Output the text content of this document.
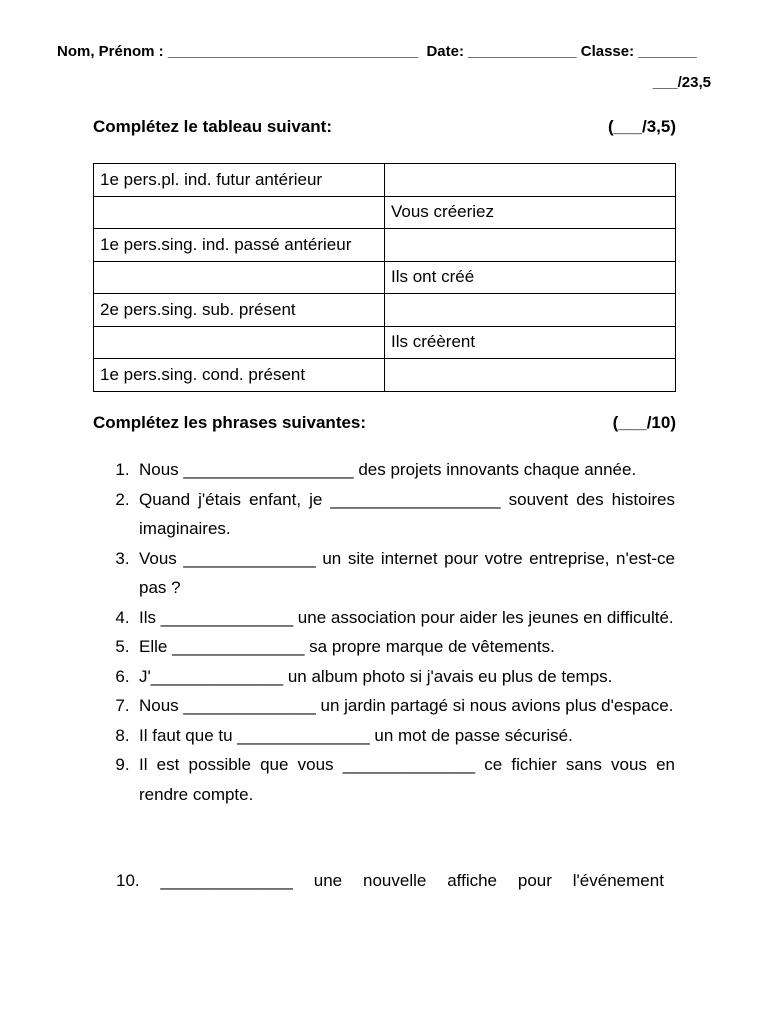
Nom, Prénom : ______________________________  Date: _____________ Classe: _______
___/23,5
Complétez le tableau suivant:	(___/3,5)
1e pers.pl. ind. futur antérieur	
	Vous créeriez
1e pers.sing. ind. passé antérieur	
	Ils ont créé
2e pers.sing. sub. présent	
	Ils créèrent
1e pers.sing. cond. présent	
Complétez les phrases suivantes:	(___/10)
1. Nous __________________ des projets innovants chaque année.
2. Quand j'étais enfant, je __________________ souvent des histoires imaginaires.
3. Vous ______________ un site internet pour votre entreprise, n'est-ce pas ?
4. Ils ______________ une association pour aider les jeunes en difficulté.
5. Elle ______________ sa propre marque de vêtements.
6. J'______________ un album photo si j'avais eu plus de temps.
7. Nous ______________ un jardin partagé si nous avions plus d'espace.
8. Il faut que tu ______________ un mot de passe sécurisé.
9. Il est possible que vous ______________ ce fichier sans vous en rendre compte.
10. ______________ une nouvelle affiche pour l'événement
